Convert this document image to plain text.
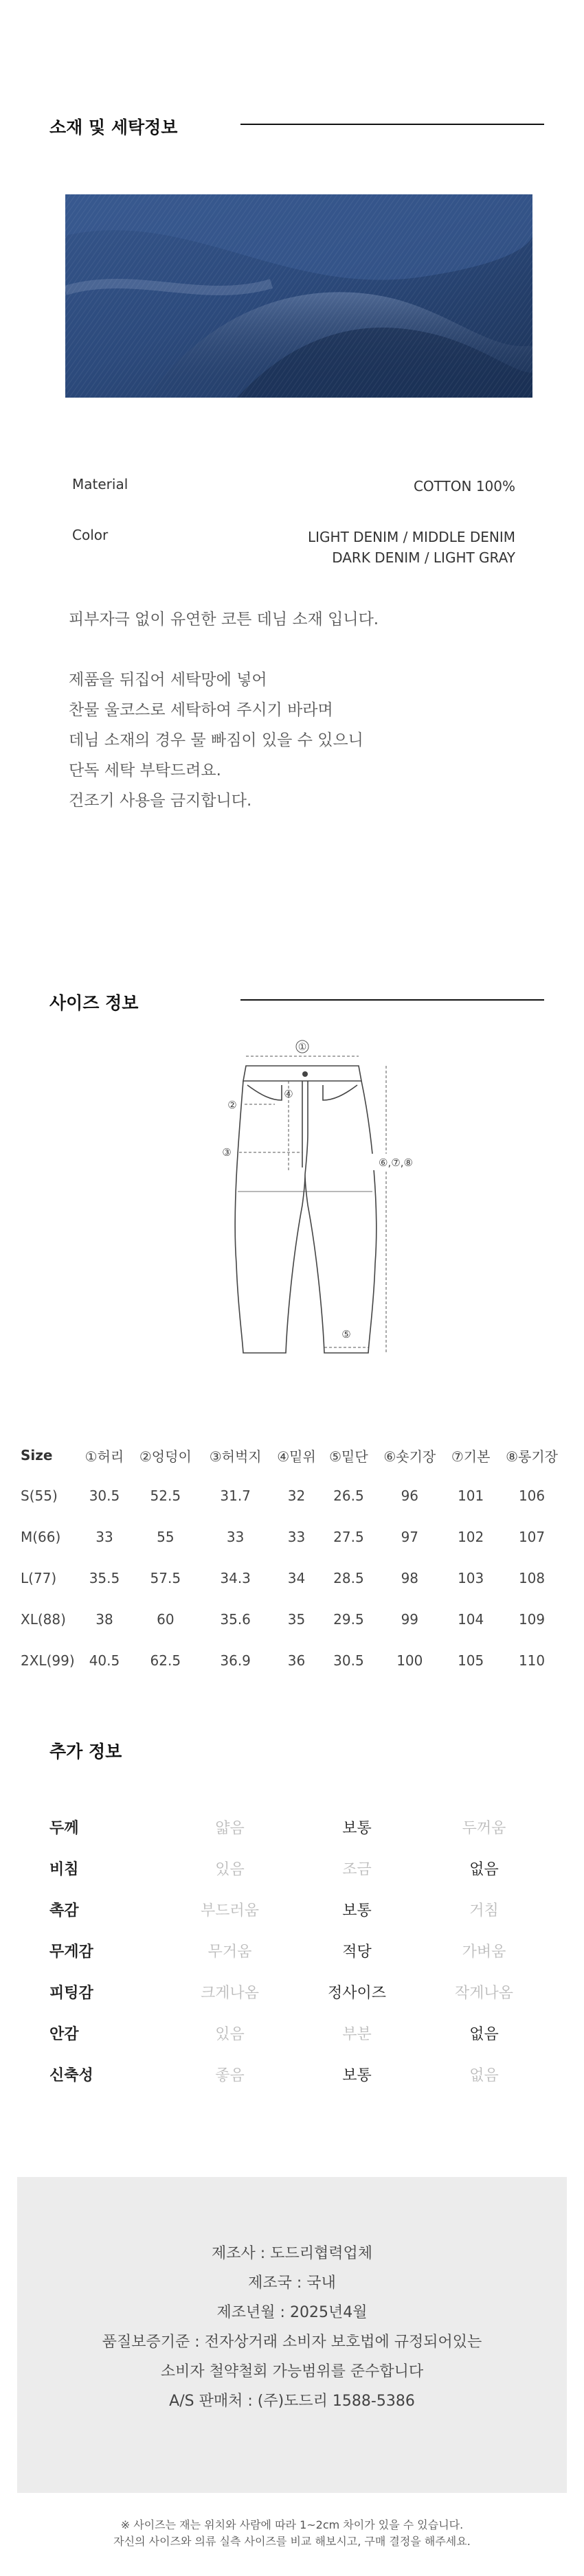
소재 및 세탁정보
Material	COTTON 100%
Color	LIGHT DENIM / MIDDLE DENIM
DARK DENIM / LIGHT GRAY

피부자극 없이 유연한 코튼 데님 소재 입니다.

제품을 뒤집어 세탁망에 넣어

찬물 울코스로 세탁하여 주시기 바라며

데님 소재의 경우 물 빠짐이 있을 수 있으니

단독 세탁 부탁드려요.

건조기 사용을 금지합니다.

사이즈 정보
①
②
④
③
⑤
⑥,⑦,⑧
Size	①허리	②엉덩이	③허벅지	④밑위	⑤밑단	⑥숏기장	⑦기본	⑧롱기장
S(55)	30.5	52.5	31.7	32	26.5	96	101	106
M(66)	33	55	33	33	27.5	97	102	107
L(77)	35.5	57.5	34.3	34	28.5	98	103	108
XL(88)	38	60	35.6	35	29.5	99	104	109
2XL(99)	40.5	62.5	36.9	36	30.5	100	105	110
추가 정보
두께	얇음	보통	두꺼움
비침	있음	조금	없음
촉감	부드러움	보통	거침
무게감	무거움	적당	가벼움
피팅감	크게나옴	정사이즈	작게나옴
안감	있음	부분	없음
신축성	좋음	보통	없음

제조사 : 도드리협력업체

제조국 : 국내

제조년월 : 2025년4월

품질보증기준 : 전자상거래 소비자 보호법에 규정되어있는

소비자 철약철회 가능범위를 준수합니다

A/S 판매처 : (주)도드리 1588-5386

※ 사이즈는 재는 위치와 사람에 따라 1~2cm 차이가 있을 수 있습니다.
자신의 사이즈와 의류 실측 사이즈를 비교 해보시고, 구매 결정을 해주세요.
